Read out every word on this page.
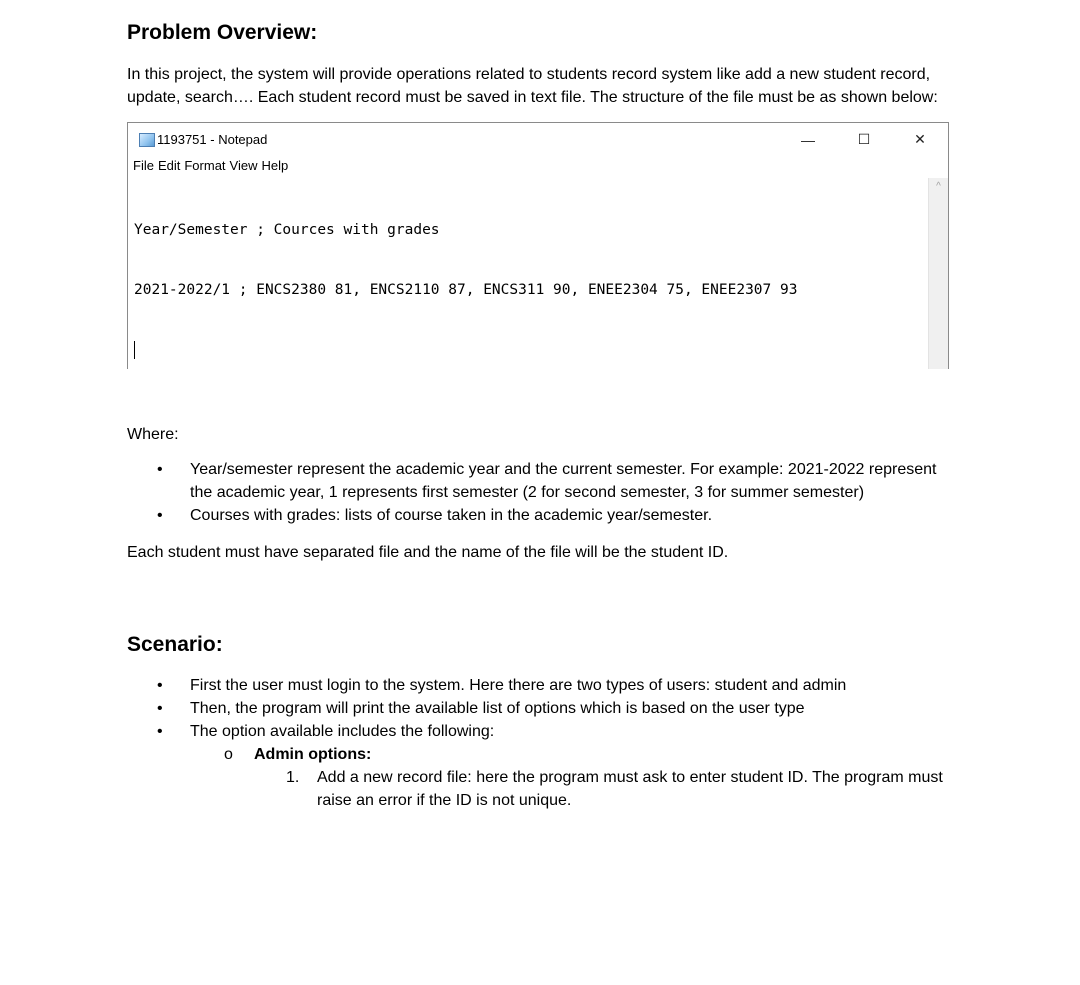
Problem Overview:

In this project, the system will provide operations related to students record system like add a new student record, update, search…. Each student record must be saved in text file. The structure of the file must be as shown below:

1193751 - Notepad	—	☐	✕
File Edit Format View Help

Year/Semester ; Cources with grades

2021-2022/1 ; ENCS2380 81, ENCS2110 87, ENCS311 90, ENEE2304 75, ENEE2307 93

^

Where:

• Year/semester represent the academic year and the current semester. For example: 2021-2022 represent the academic year, 1 represents first semester (2 for second semester, 3 for summer semester)
• Courses with grades: lists of course taken in the academic year/semester.

Each student must have separated file and the name of the file will be the student ID.

Scenario:
• First the user must login to the system. Here there are two types of users: student and admin
• Then, the program will print the available list of options which is based on the user type
• The option available includes the following:
o Admin options:
1. Add a new record file: here the program must ask to enter student ID. The program must raise an error if the ID is not unique.
